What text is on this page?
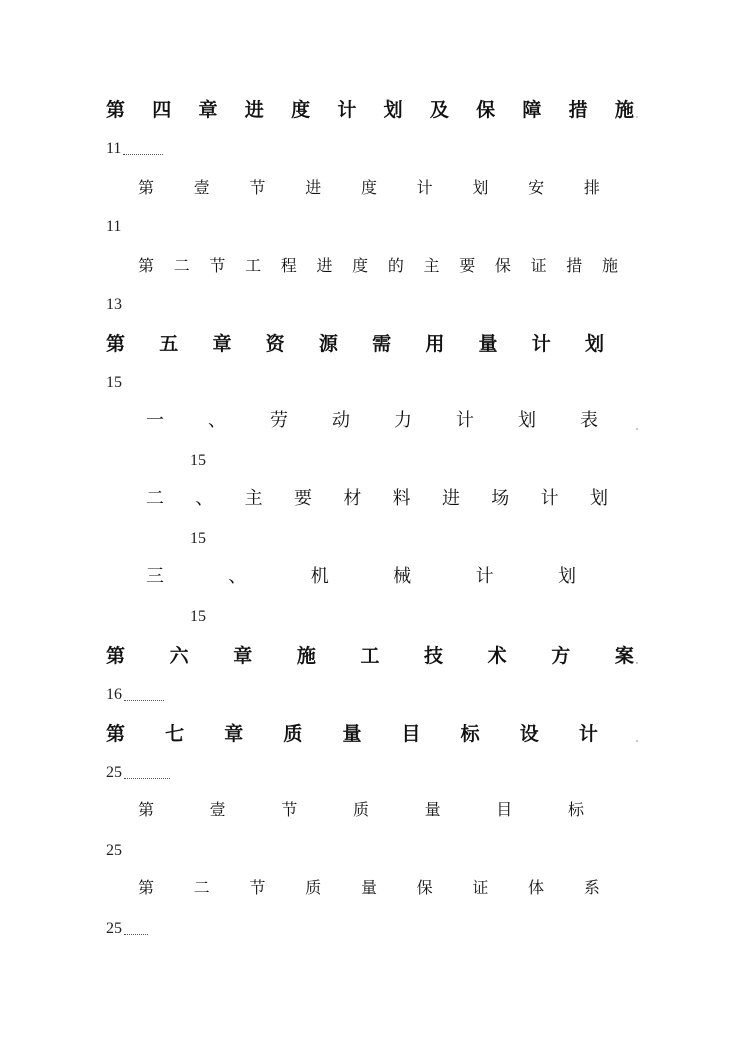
第 四 章 进 度 计 划 及 保 障 措 施
11
第 壹 节 进 度 计 划 安 排
11
第 二 节 工 程 进 度 的 主 要 保 证 措 施
13
第 五 章 资 源 需 用 量 计 划
15
一 、 劳 动 力 计 划 表
15
二 、 主 要 材 料 进 场 计 划
15
三	、	机	械	计	划
15
第 六 章 施 工 技 术 方 案
16
第 七 章 质 量 目 标 设 计
25
第	壹	节	质	量	目	标
25
第 二 节 质 量 保 证 体 系
25
